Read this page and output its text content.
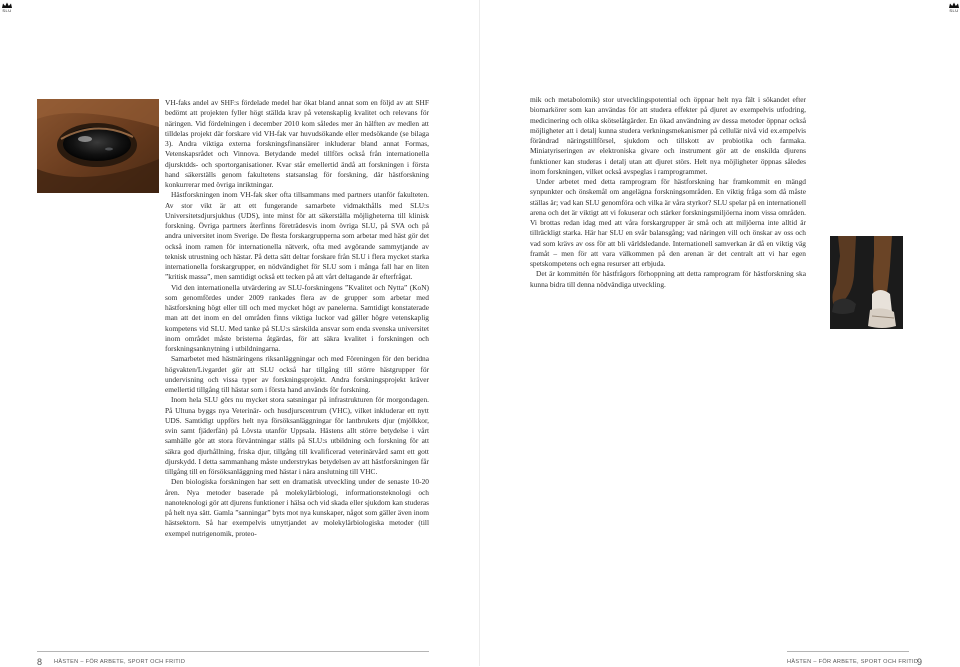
SLU

VH-faks andel av SHF:s fördelade medel har ökat bland annat som en följd av att SHF bedömt att projekten fyller högt ställda krav på vetenskaplig kvalitet och relevans för näringen. Vid fördelningen i december 2010 kom således mer än hälften av medlen att tilldelas projekt där forskare vid VH-fak var huvudsökande eller medsökande (se bilaga 3). Andra viktiga externa forskningsfinansiärer inkluderar bland annat Formas, Vetenskapsrådet och Vinnova. Betydande medel tillförs också från internationella djursktdds- och sportorganisationer. Kvar står emellertid ändå att forskningen i första hand säkerställs genom fakultetens statsanslag för forskning, där hästforskning konkurrerar med övriga inriktningar.

Hästforskningen inom VH-fak sker ofta tillsammans med partners utanför fakulteten. Av stor vikt är att ett fungerande samarbete vidmakthålls med SLU:s Universitetsdjursjukhus (UDS), inte minst för att säkerställa möjligheterna till klinisk forskning. Övriga partners återfinns företrädesvis inom övriga SLU, på SVA och på andra universitet inom Sverige. De flesta forskargrupperna som arbetar med häst gör det också inom ramen för internationella nätverk, ofta med avgörande sammytjande av teknisk utrustning och hästar. På detta sätt deltar forskare från SLU i flera mycket starka internationella forskargrupper, en nödvändighet för SLU som i många fall har en liten ”kritisk massa”, men samtidigt också ett tecken på att vårt deltagande är efterfrågat.

Vid den internationella utvärdering av SLU-forskningens ”Kvalitet och Nytta” (KoN) som genomfördes under 2009 rankades flera av de grupper som arbetar med hästforskning högt eller till och med mycket högt av panelerna. Samtidigt konstaterade man att det inom en del områden finns viktiga luckor vad gäller högre vetenskaplig kompetens vid SLU. Med tanke på SLU:s särskilda ansvar som enda svenska universitet inom området måste bristerna åtgärdas, för att säkra kvalitet i forskningen och forskningsanknytning i utbildningarna.

Samarbetet med hästnäringens riksanläggningar och med Föreningen för den beridna högvakten/Livgardet gör att SLU också har tillgång till större hästgrupper för undervisning och vissa typer av forskningsprojekt. Andra forskningsprojekt kräver emellertid tillgång till hästar som i första hand används för forskning.

Inom hela SLU görs nu mycket stora satsningar på infrastrukturen för morgondagen. På Ultuna byggs nya Veterinär- och husdjurscentrum (VHC), vilket inkluderar ett nytt UDS. Samtidigt uppförs helt nya försöksanläggningar för lantbrukets djur (mjölkkor, svin samt fjäderfän) på Lövsta utanför Uppsala. Hästens allt större betydelse i vårt samhälle gör att stora förväntningar ställs på SLU:s utbildning och forskning för att säkra god djurhållning, friska djur, tillgång till kvalificerad veterinärvård samt ett gott djurskydd. I detta sammanhang måste understrykas betydelsen av att hästforskningen får tillgång till en försöksanläggning med hästar i nära anslutning till VHC.

Den biologiska forskningen har sett en dramatisk utveckling under de senaste 10-20 åren. Nya metoder baserade på molekylärbiologi, informationsteknologi och nanoteknologi gör att djurens funktioner i hälsa och vid skada eller sjukdom kan studeras på helt nya sätt. Gamla ”sanningar” byts mot nya kunskaper, något som gäller även inom hästsektorn. Så har exempelvis utnyttjandet av molekylärbiologiska metoder (till exempel nutrigenomik, proteo-

8 HÄSTEN – FÖR ARBETE, SPORT OCH FRITID
SLU

mik och metabolomik) stor utvecklingspotential och öppnar helt nya fält i sökandet efter biomarkörer som kan användas för att studera effekter på djuret av exempelvis utfodring, medicinering och olika skötselåtgärder. En ökad användning av dessa metoder öppnar också möjligheter att i detalj kunna studera verkningsmekanismer på cellulär nivå vid ex.empelvis förändrad näringstillförsel, sjukdom och tillskott av probiotika och farmaka. Miniatyriseringen av elektroniska givare och instrument gör att de enskilda djurens funktioner kan studeras i detalj utan att djuret störs. Helt nya möjligheter öppnas således inom forskningen, vilket också avspeglas i ramprogrammet.

Under arbetet med detta ramprogram för hästforskning har framkommit en mängd synpunkter och önskemål om angelägna forskningsområden. En viktig fråga som då måste ställas är; vad kan SLU genomföra och vilka är våra styrkor? SLU spelar på en internationell arena och det är viktigt att vi fokuserar och stärker forskningsmiljöerna inom vissa områden. Vi brottas redan idag med att våra forskargrupper är små och att miljöerna inte alltid är tillräckligt starka. Här har SLU en svår balansgång; vad näringen vill och önskar av oss och vad som krävs av oss för att bli världsledande. Internationell samverkan är då en viktig väg framåt – men för att vara välkommen på den arenan är det centralt att vi har egen spetskompetens och egna resurser att erbjuda.

Det är kommittén för hästfrågors förhoppning att detta ramprogram för hästforskning ska kunna bidra till denna nödvändiga utveckling.

HÄSTEN – FÖR ARBETE, SPORT OCH FRITID
9
